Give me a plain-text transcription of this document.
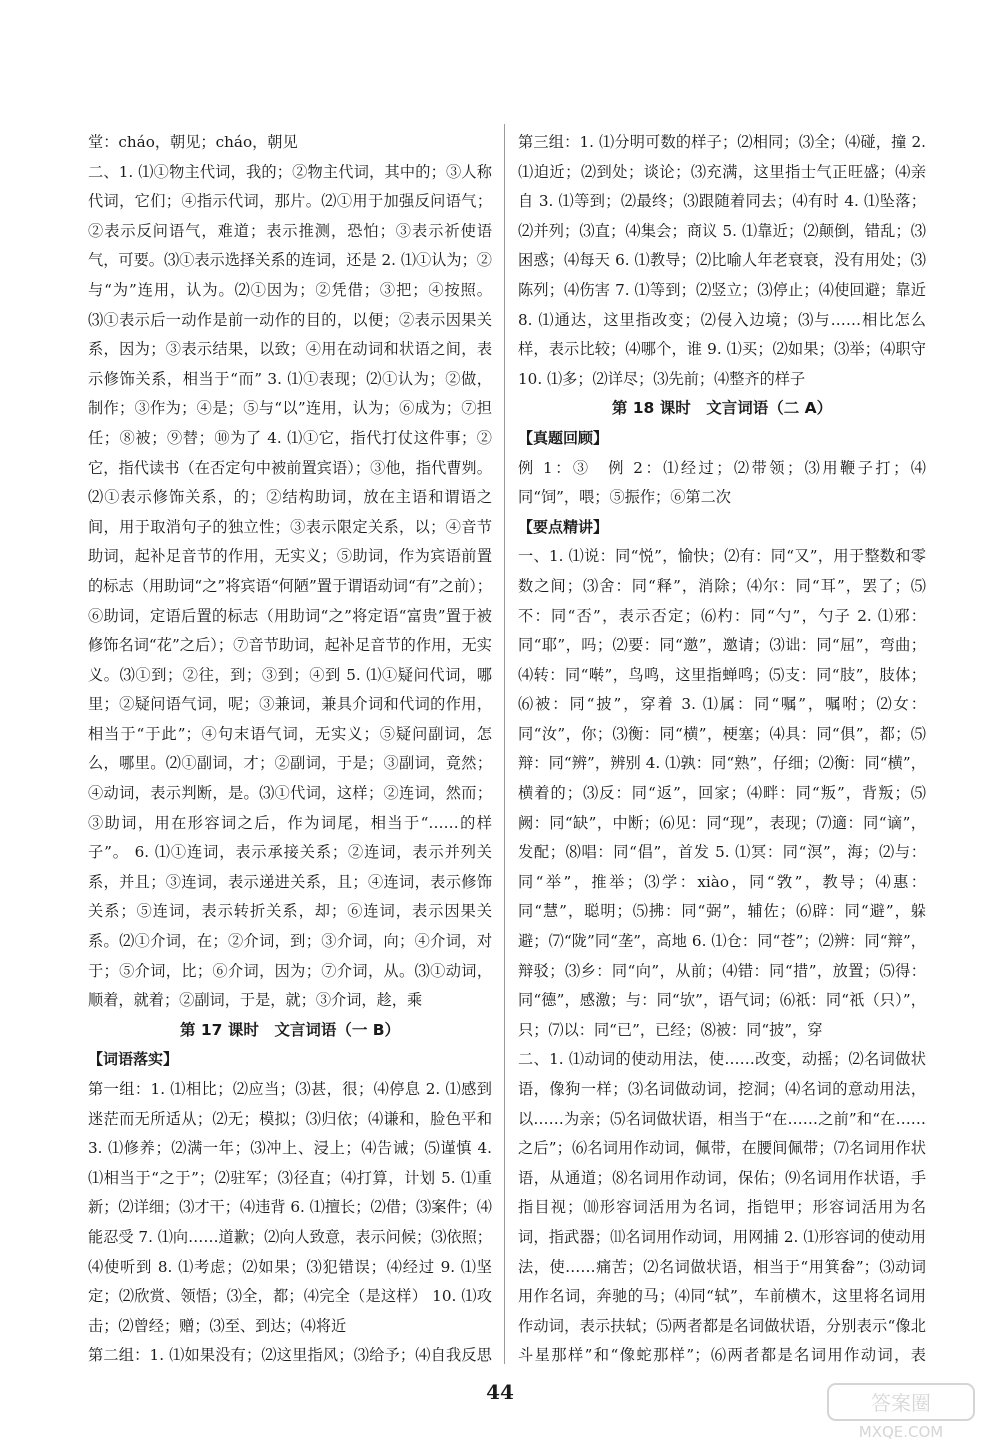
堂：cháo，朝见；cháo，朝见

二、1. ⑴①物主代词，我的；②物主代词，其中的；③人称代词，它们；④指示代词，那片。⑵①用于加强反问语气；②表示反问语气，难道；表示推测，恐怕；③表示祈使语气，可要。⑶①表示选择关系的连词，还是 2. ⑴①认为；②与“为”连用，认为。⑵①因为；②凭借；③把；④按照。⑶①表示后一动作是前一动作的目的，以便；②表示因果关系，因为；③表示结果，以致；④用在动词和状语之间，表示修饰关系，相当于“而” 3. ⑴①表现；⑵①认为；②做，制作；③作为；④是；⑤与“以”连用，认为；⑥成为；⑦担任；⑧被；⑨替；⑩为了 4. ⑴①它，指代打仗这件事；②它，指代读书（在否定句中被前置宾语）；③他，指代曹刿。⑵①表示修饰关系，的；②结构助词，放在主语和谓语之间，用于取消句子的独立性；③表示限定关系，以；④音节助词，起补足音节的作用，无实义；⑤助词，作为宾语前置的标志（用助词“之”将宾语“何陋”置于谓语动词“有”之前）；⑥助词，定语后置的标志（用助词“之”将定语“富贵”置于被修饰名词“花”之后）；⑦音节助词，起补足音节的作用，无实义。⑶①到；②往，到；③到；④到 5. ⑴①疑问代词，哪里；②疑问语气词，呢；③兼词，兼具介词和代词的作用，相当于“于此”；④句末语气词，无实义；⑤疑问副词，怎么，哪里。⑵①副词，才；②副词，于是；③副词，竟然；④动词，表示判断，是。⑶①代词，这样；②连词，然而；③助词，用在形容词之后，作为词尾，相当于“……的样子”。 6. ⑴①连词，表示承接关系；②连词，表示并列关系，并且；③连词，表示递进关系，且；④连词，表示修饰关系；⑤连词，表示转折关系，却；⑥连词，表示因果关系。⑵①介词，在；②介词，到；③介词，向；④介词，对于；⑤介词，比；⑥介词，因为；⑦介词，从。⑶①动词，顺着，就着；②副词，于是，就；③介词，趁，乘

第 17 课时　文言词语（一 B）

【词语落实】

第一组：1. ⑴相比；⑵应当；⑶甚，很；⑷停息 2. ⑴感到迷茫而无所适从；⑵无；模拟；⑶归依；⑷谦和，脸色平和 3. ⑴修养；⑵满一年；⑶冲上、浸上；⑷告诫；⑸谨慎 4. ⑴相当于“之于”；⑵驻军；⑶径直；⑷打算，计划 5. ⑴重新；⑵详细；⑶才干；⑷违背 6. ⑴擅长；⑵借；⑶案件；⑷能忍受 7. ⑴向……道歉；⑵向人致意，表示问候；⑶依照；⑷使听到 8. ⑴考虑；⑵如果；⑶犯错误；⑷经过 9. ⑴坚定；⑵欣赏、领悟；⑶全，都；⑷完全（是这样） 10. ⑴攻击；⑵曾经；赠；⑶至、到达；⑷将近

第二组：1. ⑴如果没有；⑵这里指风；⑶给予；⑷自我反思

第三组：1. ⑴分明可数的样子；⑵相同；⑶全；⑷碰，撞 2. ⑴迫近；⑵到处；谈论；⑶充满，这里指士气正旺盛；⑷亲自 3. ⑴等到；⑵最终；⑶跟随着同去；⑷有时 4. ⑴坠落；⑵并列；⑶直；⑷集会；商议 5. ⑴靠近；⑵颠倒，错乱；⑶困惑；⑷每天 6. ⑴教导；⑵比喻人年老衰衰，没有用处；⑶陈列；⑷伤害 7. ⑴等到；⑵竖立；⑶停止；⑷使回避；靠近 8. ⑴通达，这里指改变；⑵侵入边境；⑶与……相比怎么样，表示比较；⑷哪个，谁 9. ⑴买；⑵如果；⑶举；⑷职守 10. ⑴多；⑵详尽；⑶先前；⑷整齐的样子

第 18 课时　文言词语（二 A）

【真题回顾】

例 1：③　例 2：⑴经过；⑵带领；⑶用鞭子打；⑷同“饲”，喂；⑤振作；⑥第二次

【要点精讲】

一、1. ⑴说：同“悦”，愉快；⑵有：同“又”，用于整数和零数之间；⑶舍：同“释”，消除；⑷尔：同“耳”，罢了；⑸不：同“否”，表示否定；⑹杓：同“勺”，勺子 2. ⑴邪：同“耶”，吗；⑵要：同“邀”，邀请；⑶诎：同“屈”，弯曲；⑷转：同“啭”，鸟鸣，这里指蝉鸣；⑸支：同“肢”，肢体；⑹被：同“披”，穿着 3. ⑴属：同“嘱”，嘱咐；⑵女：同“汝”，你；⑶衡：同“横”，梗塞；⑷具：同“俱”，都；⑸辩：同“辨”，辨别 4. ⑴孰：同“熟”，仔细；⑵衡：同“横”，横着的；⑶反：同“返”，回家；⑷畔：同“叛”，背叛；⑸阙：同“缺”，中断；⑹见：同“现”，表现；⑺適：同“谪”，发配；⑻唱：同“倡”，首发 5. ⑴冥：同“溟”，海；⑵与：同“举”，推举；⑶学：xiào，同“敩”，教导；⑷惠：同“慧”，聪明；⑸拂：同“弼”，辅佐；⑹辟：同“避”，躲避；⑺“陇”同“垄”，高地 6. ⑴仓：同“苍”；⑵辨：同“辩”，辩驳；⑶乡：同“向”，从前；⑷错：同“措”，放置；⑸得：同“德”，感激；与：同“欤”，语气词；⑹祇：同“祇（只）”，只；⑺以：同“已”，已经；⑻被：同“披”，穿

二、1. ⑴动词的使动用法，使……改变，动摇；⑵名词做状语，像狗一样；⑶名词做动词，挖洞；⑷名词的意动用法，以……为亲；⑸名词做状语，相当于“在……之前”和“在……之后”；⑹名词用作动词，佩带，在腰间佩带；⑺名词用作状语，从通道；⑻名词用作动词，保佑；⑼名词用作状语，手指目视；⑽形容词活用为名词，指铠甲；形容词活用为名词，指武器；⑾名词用作动词，用网捕 2. ⑴形容词的使动用法，使……痛苦；⑵名词做状语，相当于“用箕畚”；⑶动词用作名词，奔驰的马；⑷同“轼”，车前横木，这里将名词用作动词，表示扶轼；⑸两者都是名词做状语，分别表示“像北斗星那样”和“像蛇那样”；⑹两者都是名词用作动词，表

44	答案圈
MXQE.COM
